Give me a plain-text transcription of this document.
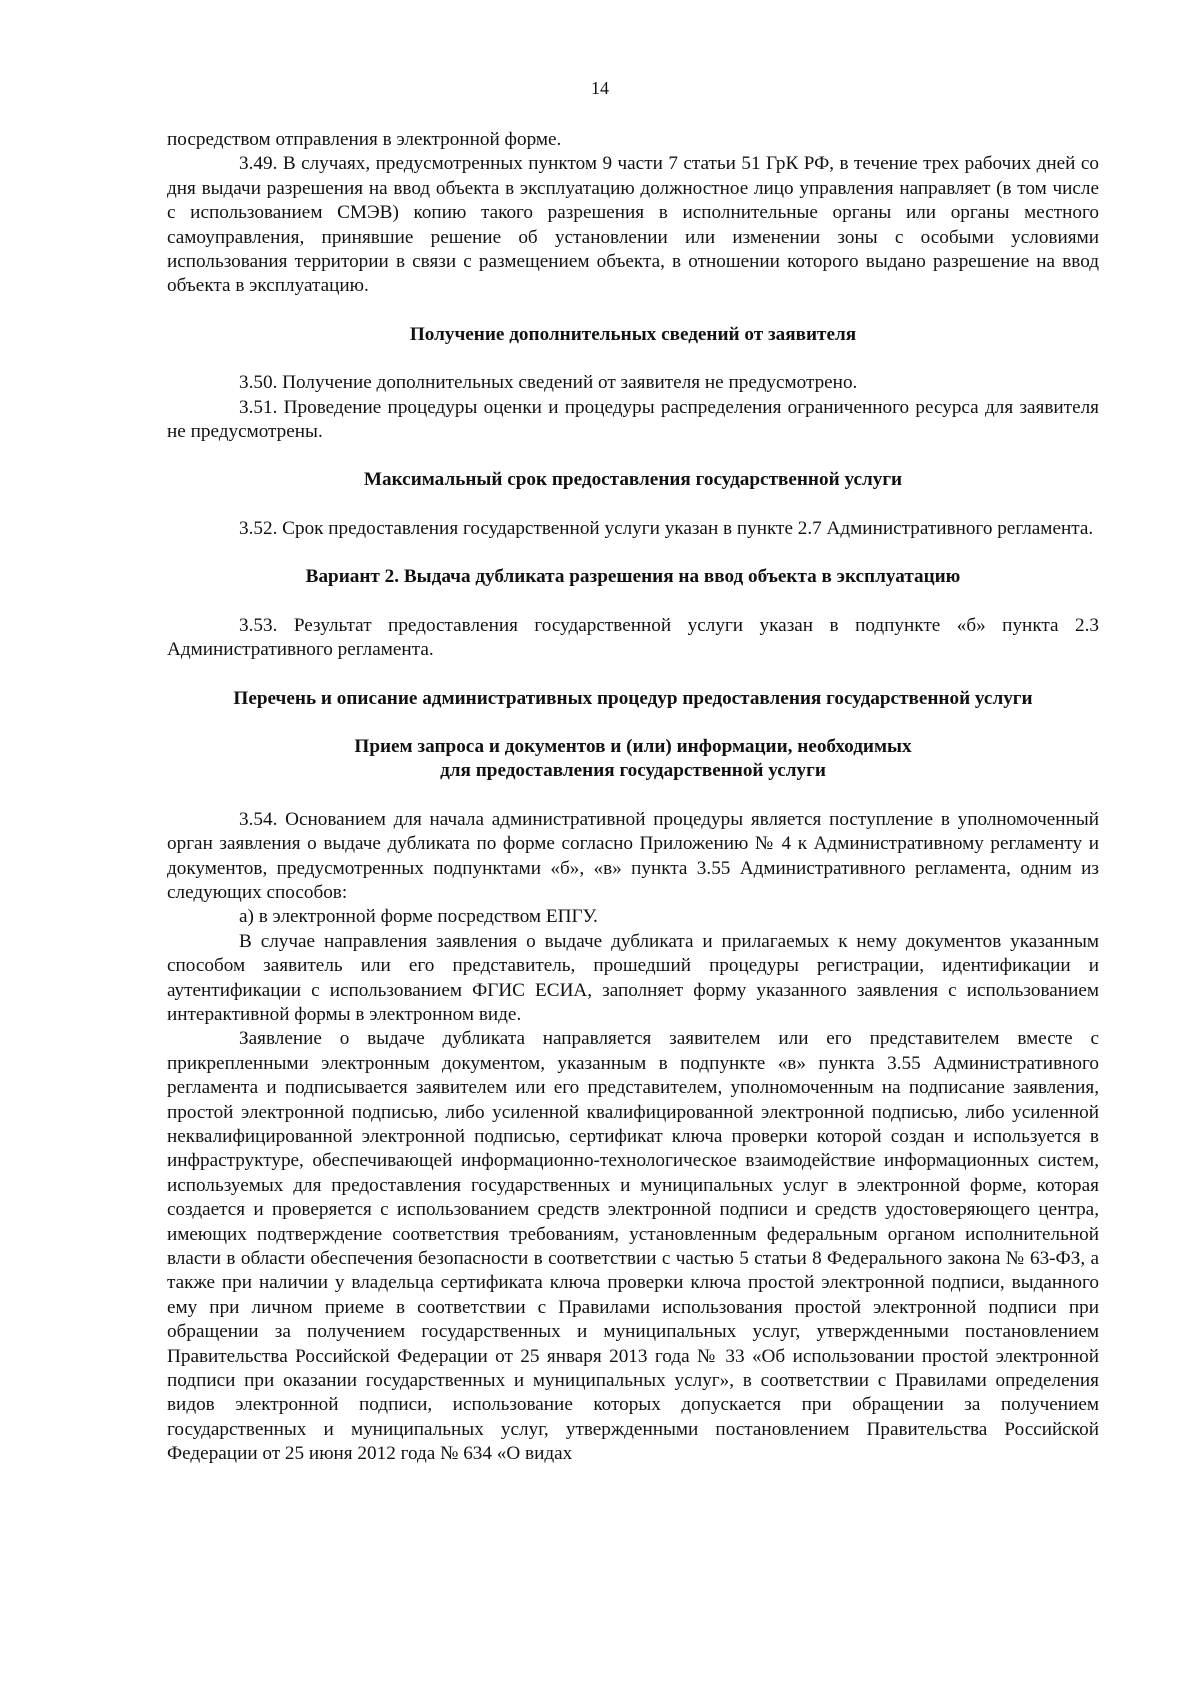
14

посредством отправления в электронной форме.

3.49. В случаях, предусмотренных пунктом 9 части 7 статьи 51 ГрК РФ, в течение трех рабочих дней со дня выдачи разрешения на ввод объекта в эксплуатацию должностное лицо управления направляет (в том числе с использованием СМЭВ) копию такого разрешения в исполнительные органы или органы местного самоуправления, принявшие решение об установлении или изменении зоны с особыми условиями использования территории в связи с размещением объекта, в отношении которого выдано разрешение на ввод объекта в эксплуатацию.

Получение дополнительных сведений от заявителя

3.50. Получение дополнительных сведений от заявителя не предусмотрено.

3.51. Проведение процедуры оценки и процедуры распределения ограниченного ресурса для заявителя не предусмотрены.

Максимальный срок предоставления государственной услуги

3.52. Срок предоставления государственной услуги указан в пункте 2.7 Административного регламента.

Вариант 2. Выдача дубликата разрешения на ввод объекта в эксплуатацию

3.53. Результат предоставления государственной услуги указан в подпункте «б» пункта 2.3 Административного регламента.

Перечень и описание административных процедур предоставления государственной услуги
Прием запроса и документов и (или) информации, необходимых
для предоставления государственной услуги

3.54. Основанием для начала административной процедуры является поступление в уполномоченный орган заявления о выдаче дубликата по форме согласно Приложению № 4 к Административному регламенту и документов, предусмотренных подпунктами «б», «в» пункта 3.55 Административного регламента, одним из следующих способов:

а) в электронной форме посредством ЕПГУ.

В случае направления заявления о выдаче дубликата и прилагаемых к нему документов указанным способом заявитель или его представитель, прошедший процедуры регистрации, идентификации и аутентификации с использованием ФГИС ЕСИА, заполняет форму указанного заявления с использованием интерактивной формы в электронном виде.

Заявление о выдаче дубликата направляется заявителем или его представителем вместе с прикрепленными электронным документом, указанным в подпункте «в» пункта 3.55 Административного регламента и подписывается заявителем или его представителем, уполномоченным на подписание заявления, простой электронной подписью, либо усиленной квалифицированной электронной подписью, либо усиленной неквалифицированной электронной подписью, сертификат ключа проверки которой создан и используется в инфраструктуре, обеспечивающей информационно-технологическое взаимодействие информационных систем, используемых для предоставления государственных и муниципальных услуг в электронной форме, которая создается и проверяется с использованием средств электронной подписи и средств удостоверяющего центра, имеющих подтверждение соответствия требованиям, установленным федеральным органом исполнительной власти в области обеспечения безопасности в соответствии с частью 5 статьи 8 Федерального закона № 63-ФЗ, а также при наличии у владельца сертификата ключа проверки ключа простой электронной подписи, выданного ему при личном приеме в соответствии с Правилами использования простой электронной подписи при обращении за получением государственных и муниципальных услуг, утвержденными постановлением Правительства Российской Федерации от 25 января 2013 года № 33 «Об использовании простой электронной подписи при оказании государственных и муниципальных услуг», в соответствии с Правилами определения видов электронной подписи, использование которых допускается при обращении за получением государственных и муниципальных услуг, утвержденными постановлением Правительства Российской Федерации от 25 июня 2012 года № 634 «О видах
